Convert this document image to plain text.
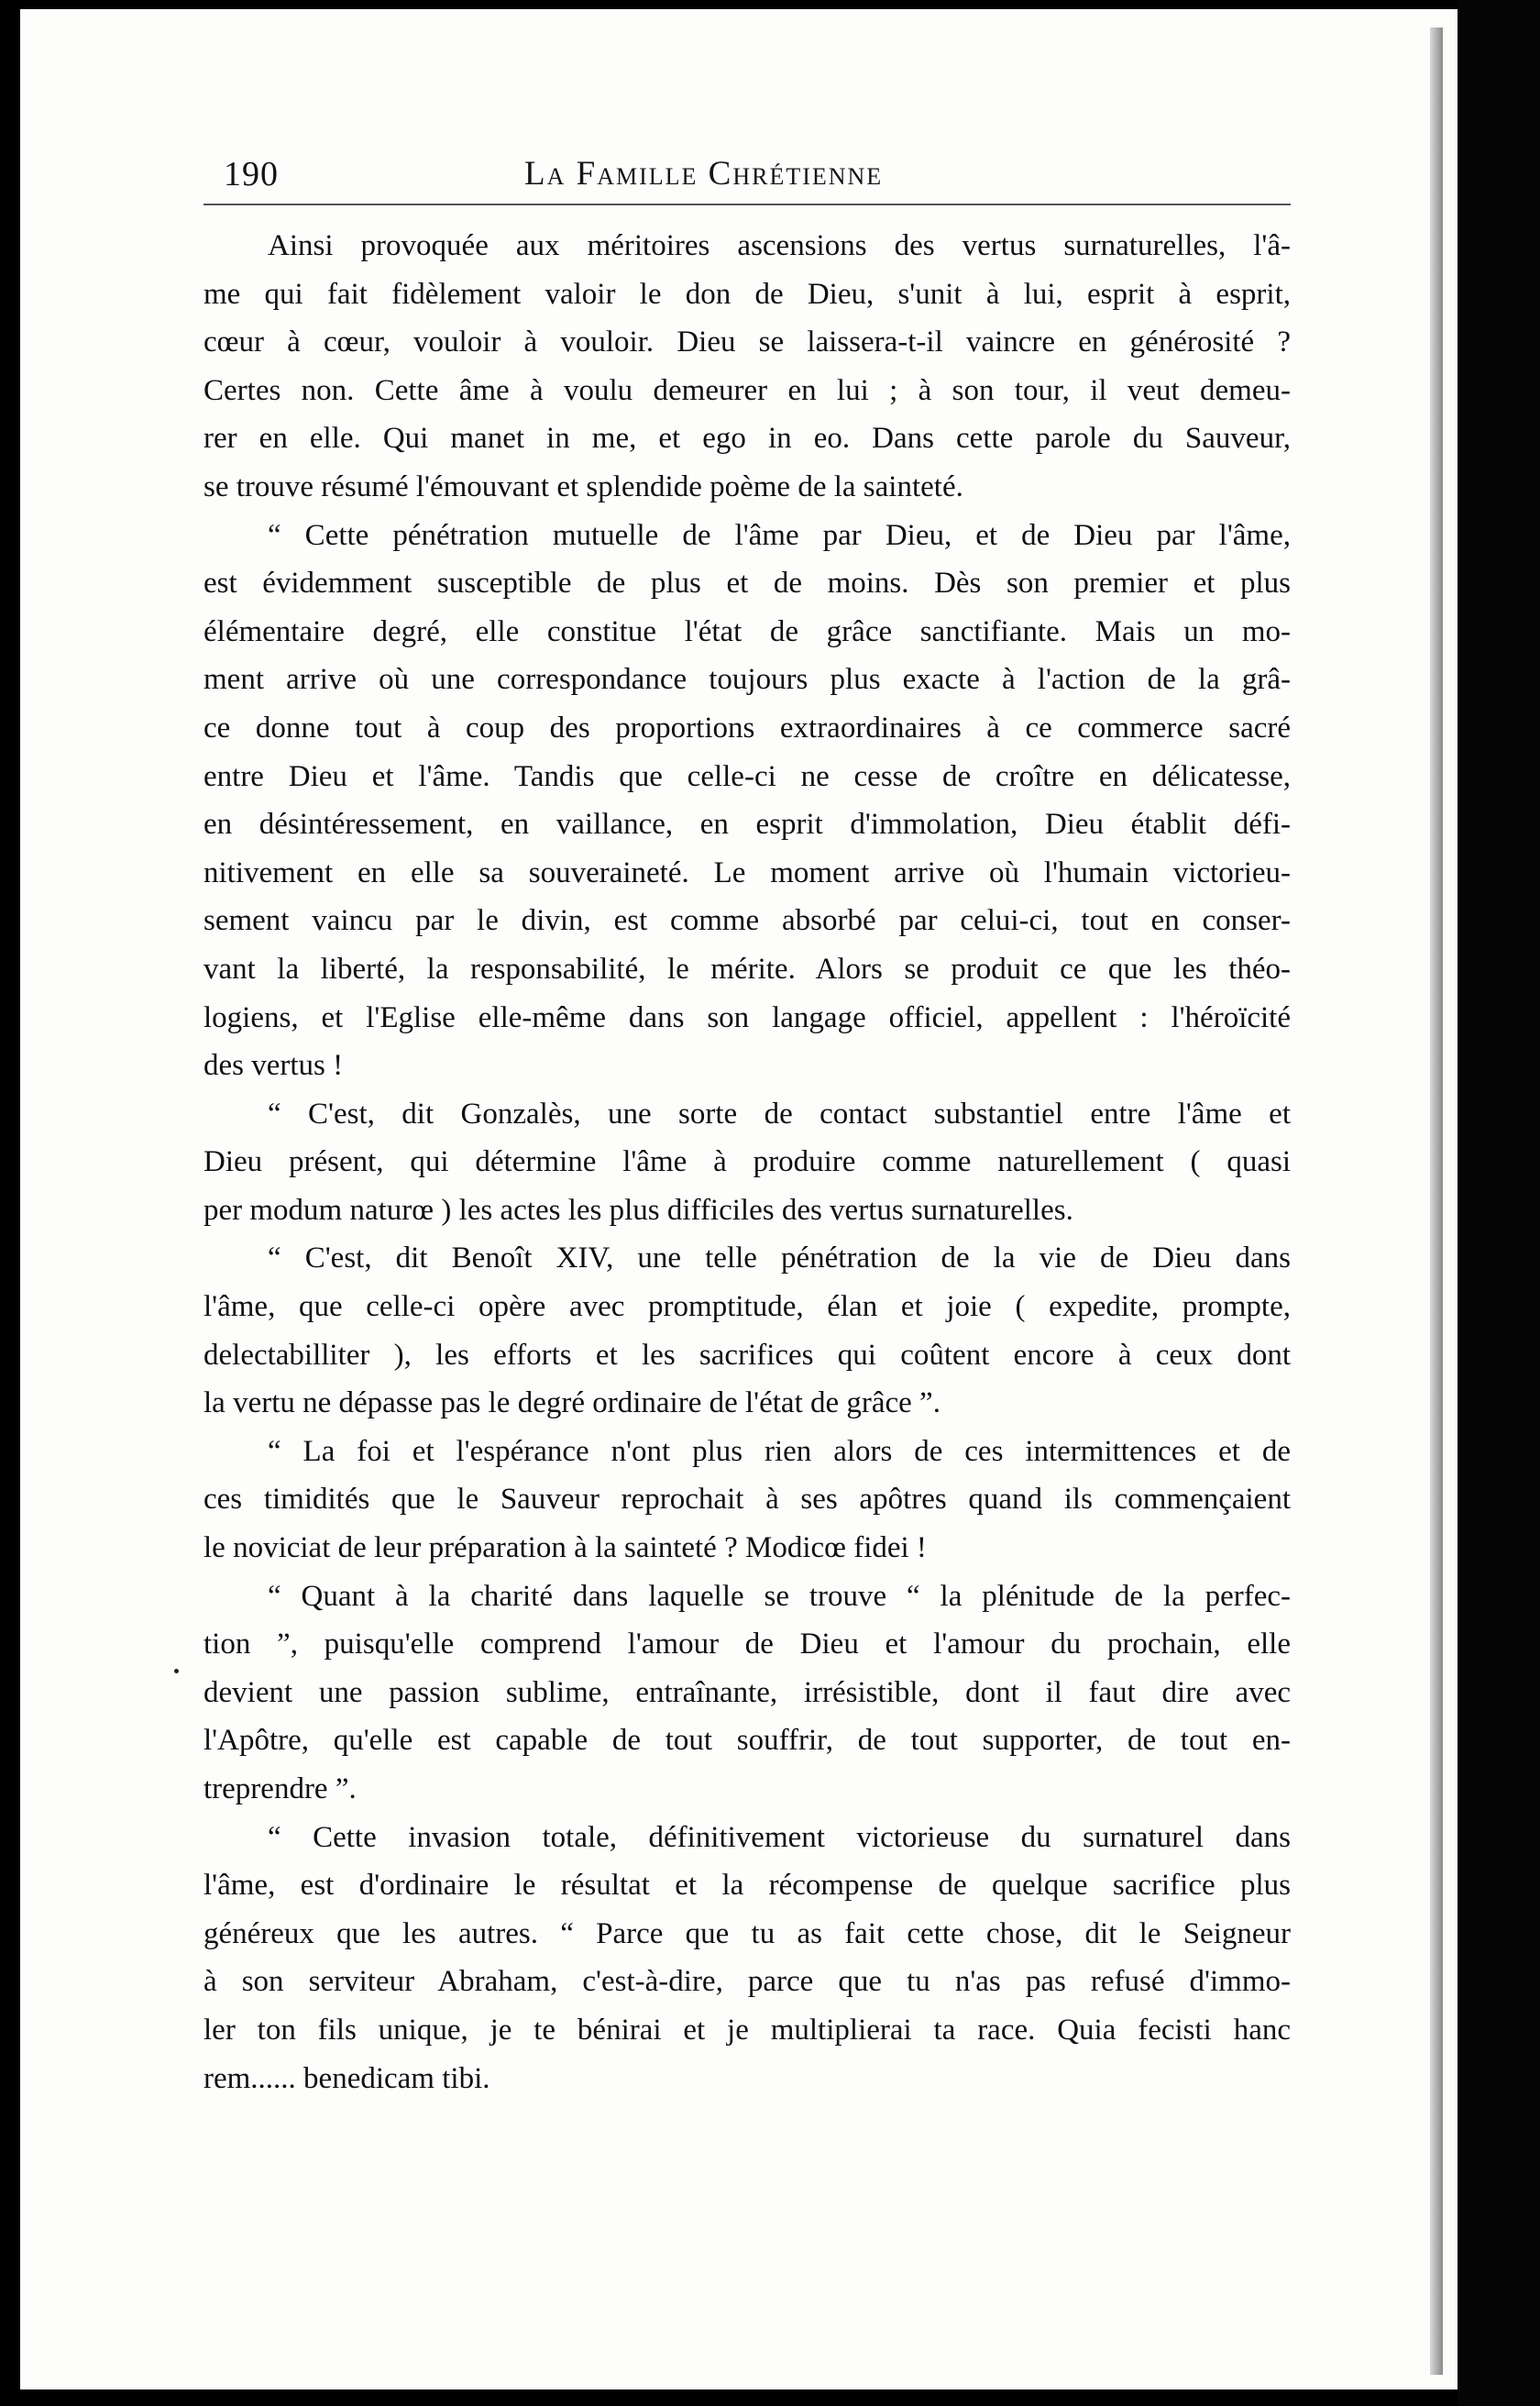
190	La Famille Chrétienne
Ainsi provoquée aux méritoires ascensions des vertus surnaturelles, l'â-
me qui fait fidèlement valoir le don de Dieu, s'unit à lui, esprit à esprit,
cœur à cœur, vouloir à vouloir. Dieu se laissera-t-il vaincre en générosité ?
Certes non. Cette âme à voulu demeurer en lui ; à son tour, il veut demeu-
rer en elle. Qui manet in me, et ego in eo. Dans cette parole du Sauveur,
se trouve résumé l'émouvant et splendide poème de la sainteté.
“ Cette pénétration mutuelle de l'âme par Dieu, et de Dieu par l'âme,
est évidemment susceptible de plus et de moins. Dès son premier et plus
élémentaire degré, elle constitue l'état de grâce sanctifiante. Mais un mo-
ment arrive où une correspondance toujours plus exacte à l'action de la grâ-
ce donne tout à coup des proportions extraordinaires à ce commerce sacré
entre Dieu et l'âme. Tandis que celle-ci ne cesse de croître en délicatesse,
en désintéressement, en vaillance, en esprit d'immolation, Dieu établit défi-
nitivement en elle sa souveraineté. Le moment arrive où l'humain victorieu-
sement vaincu par le divin, est comme absorbé par celui-ci, tout en conser-
vant la liberté, la responsabilité, le mérite. Alors se produit ce que les théo-
logiens, et l'Eglise elle-même dans son langage officiel, appellent : l'héroïcité
des vertus !
“ C'est, dit Gonzalès, une sorte de contact substantiel entre l'âme et
Dieu présent, qui détermine l'âme à produire comme naturellement ( quasi
per modum naturœ ) les actes les plus difficiles des vertus surnaturelles.
“ C'est, dit Benoît XIV, une telle pénétration de la vie de Dieu dans
l'âme, que celle-ci opère avec promptitude, élan et joie ( expedite, prompte,
delectabilliter ), les efforts et les sacrifices qui coûtent encore à ceux dont
la vertu ne dépasse pas le degré ordinaire de l'état de grâce ”.
“ La foi et l'espérance n'ont plus rien alors de ces intermittences et de
ces timidités que le Sauveur reprochait à ses apôtres quand ils commençaient
le noviciat de leur préparation à la sainteté ? Modicœ fidei !
“ Quant à la charité dans laquelle se trouve “ la plénitude de la perfec-
tion ”, puisqu'elle comprend l'amour de Dieu et l'amour du prochain, elle
devient une passion sublime, entraînante, irrésistible, dont il faut dire avec
l'Apôtre, qu'elle est capable de tout souffrir, de tout supporter, de tout en-
treprendre ”.
“ Cette invasion totale, définitivement victorieuse du surnaturel dans
l'âme, est d'ordinaire le résultat et la récompense de quelque sacrifice plus
généreux que les autres. “ Parce que tu as fait cette chose, dit le Seigneur
à son serviteur Abraham, c'est-à-dire, parce que tu n'as pas refusé d'immo-
ler ton fils unique, je te bénirai et je multiplierai ta race. Quia fecisti hanc
rem...... benedicam tibi.
